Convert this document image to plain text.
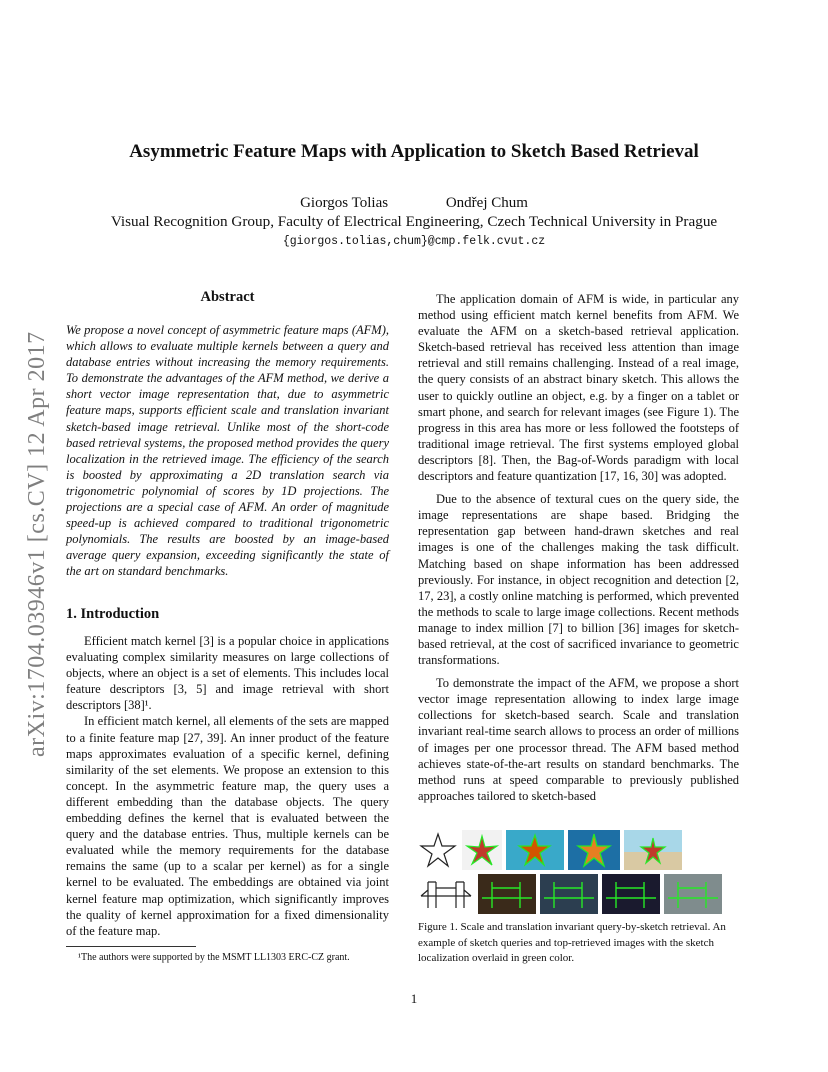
arXiv:1704.03946v1 [cs.CV] 12 Apr 2017
Asymmetric Feature Maps with Application to Sketch Based Retrieval
Giorgos Tolias	Ondřej Chum
Visual Recognition Group, Faculty of Electrical Engineering, Czech Technical University in Prague
{giorgos.tolias,chum}@cmp.felk.cvut.cz
Abstract
We propose a novel concept of asymmetric feature maps (AFM), which allows to evaluate multiple kernels between a query and database entries without increasing the memory requirements. To demonstrate the advantages of the AFM method, we derive a short vector image representation that, due to asymmetric feature maps, supports efficient scale and translation invariant sketch-based image retrieval. Unlike most of the short-code based retrieval systems, the proposed method provides the query localization in the retrieved image. The efficiency of the search is boosted by approximating a 2D translation search via trigonometric polynomial of scores by 1D projections. The projections are a special case of AFM. An order of magnitude speed-up is achieved compared to traditional trigonometric polynomials. The results are boosted by an image-based average query expansion, exceeding significantly the state of the art on standard benchmarks.
1. Introduction

Efficient match kernel [3] is a popular choice in applications evaluating complex similarity measures on large collections of objects, where an object is a set of elements. This includes local feature descriptors [3, 5] and image retrieval with short descriptors [38]¹.

In efficient match kernel, all elements of the sets are mapped to a finite feature map [27, 39]. An inner product of the feature maps approximates evaluation of a specific kernel, defining similarity of the set elements. We propose an extension to this concept. In the asymmetric feature map, the query uses a different embedding than the database objects. The query embedding defines the kernel that is evaluated between the query and the database entries. Thus, multiple kernels can be evaluated while the memory requirements for the database remains the same (up to a scalar per kernel) as for a single kernel to be evaluated. The embeddings are obtained via joint kernel feature map optimization, which significantly improves the quality of kernel approximation for a fixed dimensionality of the feature map.

¹The authors were supported by the MSMT LL1303 ERC-CZ grant.

The application domain of AFM is wide, in particular any method using efficient match kernel benefits from AFM. We evaluate the AFM on a sketch-based retrieval application. Sketch-based retrieval has received less attention than image retrieval and still remains challenging. Instead of a real image, the query consists of an abstract binary sketch. This allows the user to quickly outline an object, e.g. by a finger on a tablet or smart phone, and search for relevant images (see Figure 1). The progress in this area has more or less followed the footsteps of traditional image retrieval. The first systems employed global descriptors [8]. Then, the Bag-of-Words paradigm with local descriptors and feature quantization [17, 16, 30] was adopted.

Due to the absence of textural cues on the query side, the image representations are shape based. Bridging the representation gap between hand-drawn sketches and real images is one of the challenges making the task difficult. Matching based on shape information has been addressed previously. For instance, in object recognition and detection [2, 17, 23], a costly online matching is performed, which prevented the methods to scale to large image collections. Recent methods manage to index million [7] to billion [36] images for sketch-based retrieval, at the cost of sacrificed invariance to geometric transformations.

To demonstrate the impact of the AFM, we propose a short vector image representation allowing to index large image collections for sketch-based search. Scale and translation invariant real-time search allows to process an order of millions of images per one processor thread. The AFM based method achieves state-of-the-art results on standard benchmarks. The method runs at speed comparable to previously published approaches tailored to sketch-based

Figure 1. Scale and translation invariant query-by-sketch retrieval. An example of sketch queries and top-retrieved images with the sketch localization overlaid in green color.
1
